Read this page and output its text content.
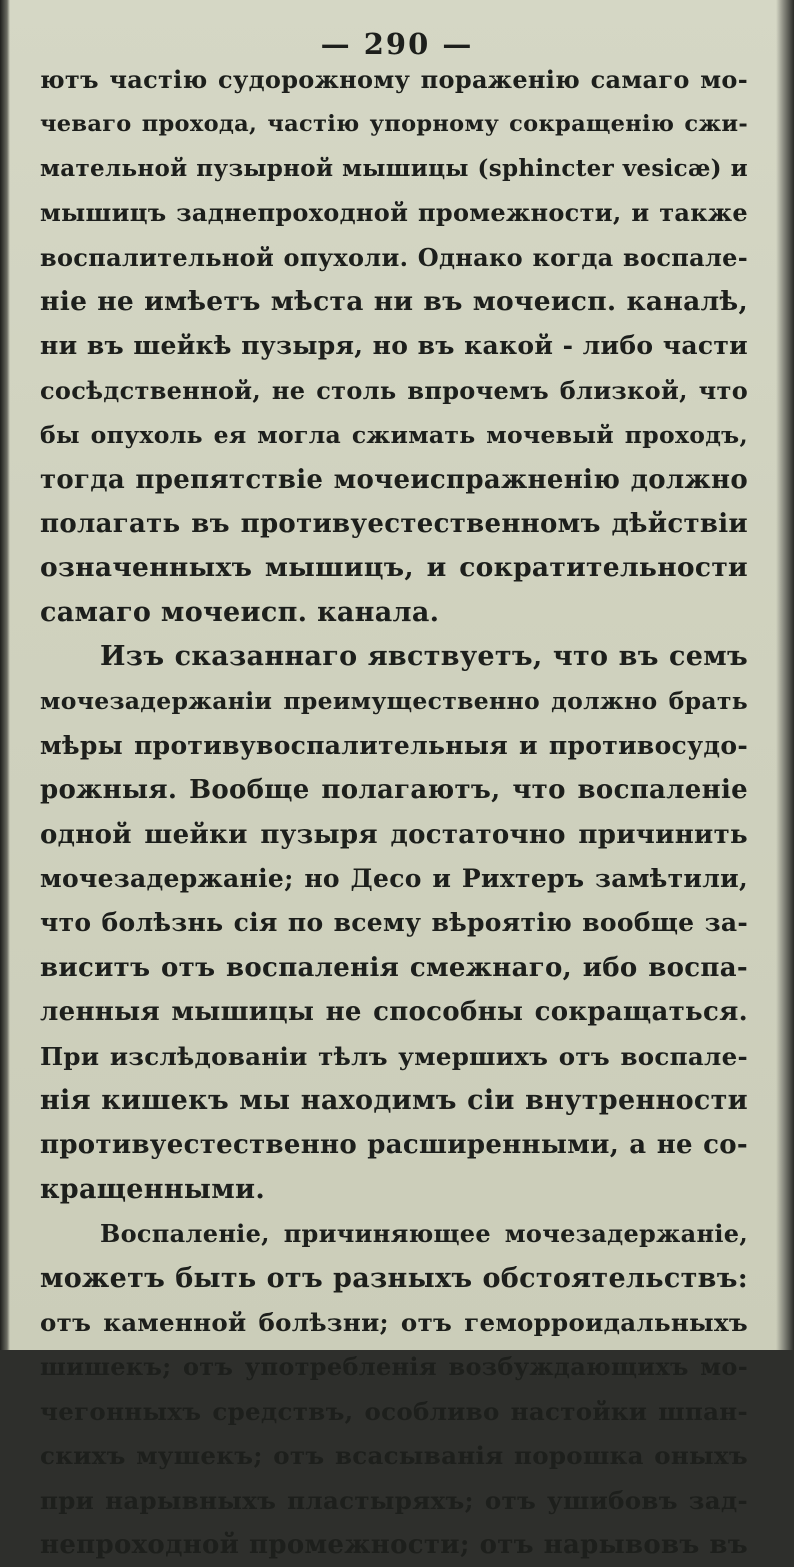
— 290 —
ютъ частію судорожному пораженію самаго мо-
чеваго прохода, частію упорному сокращенію сжи-
мательной пузырной мышицы (sphincter vesicæ) и
мышицъ заднепроходной промежности, и также
воспалительной опухоли. Однако когда воспале-
ніе не имѣетъ мѣста ни въ мочеисп. каналѣ,
ни въ шейкѣ пузыря, но въ какой - либо части
сосѣдственной, не столь впрочемъ близкой, что
бы опухоль ея могла сжимать мочевый проходъ,
тогда препятствіе мочеиспражненію должно
полагать въ противуестественномъ дѣйствіи
означенныхъ мышицъ, и сократительности
самаго мочеисп. канала.
Изъ сказаннаго явствуетъ, что въ семъ
мочезадержаніи преимущественно должно брать
мѣры противувоспалительныя и противосудо-
рожныя. Вообще полагаютъ, что воспаленіе
одной шейки пузыря достаточно причинить
мочезадержаніе; но Десо и Рихтеръ замѣтили,
что болѣзнь сія по всему вѣроятію вообще за-
виситъ отъ воспаленія смежнаго, ибо воспа-
ленныя мышицы не способны сокращаться.
При изслѣдованіи тѣлъ умершихъ отъ воспале-
нія кишекъ мы находимъ сіи внутренности
противуестественно расширенными, а не со-
кращенными.
Воспаленіе, причиняющее мочезадержаніе,
можетъ быть отъ разныхъ обстоятельствъ:
отъ каменной болѣзни; отъ геморроидальныхъ
шишекъ; отъ употребленія возбуждающихъ мо-
чегонныхъ средствъ, особливо настойки шпан-
скихъ мушекъ; отъ всасыванія порошка оныхъ
при нарывныхъ пластыряхъ; отъ ушибовъ зад-
непроходной промежности; отъ нарывовъ въ
